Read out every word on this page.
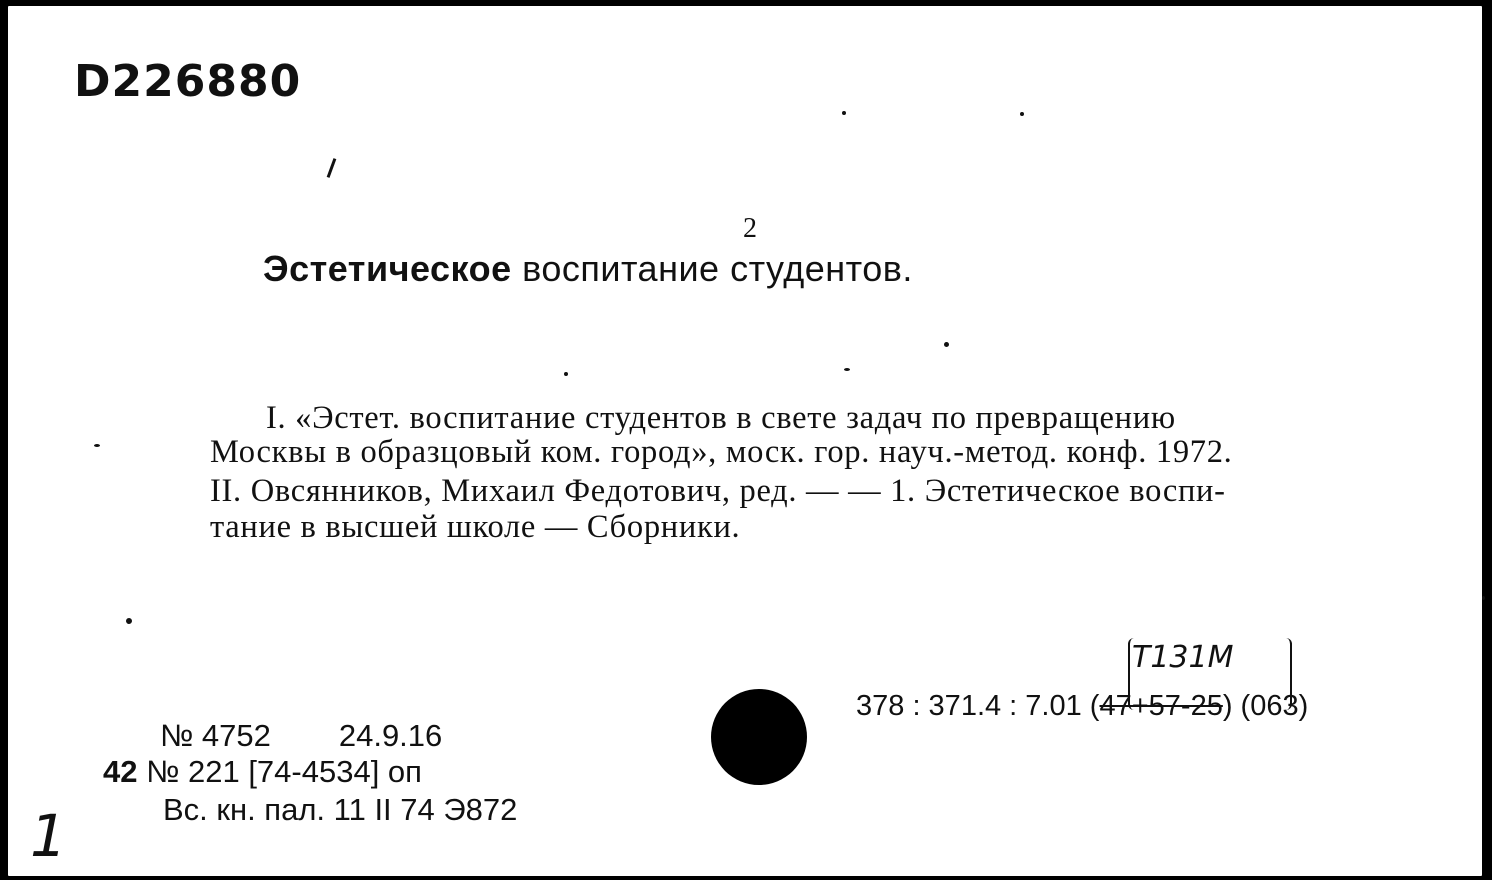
D226880
2
Эстетическое воспитание студентов.
I. «Эстет. воспитание студентов в свете задач по превращению
Москвы в образцовый ком. город», моск. гор. науч.-метод. конф. 1972.
II. Овсянников, Михаил Федотович, ред. — — 1. Эстетическое воспи-
тание в высшей школе — Сборники.
№ 4752 24.9.16
42 № 221 [74-4534] оп
Вс. кн. пал. 11 II 74 Э872
378 : 371.4 : 7.01 (47+57-25) (063)
T131M
1
